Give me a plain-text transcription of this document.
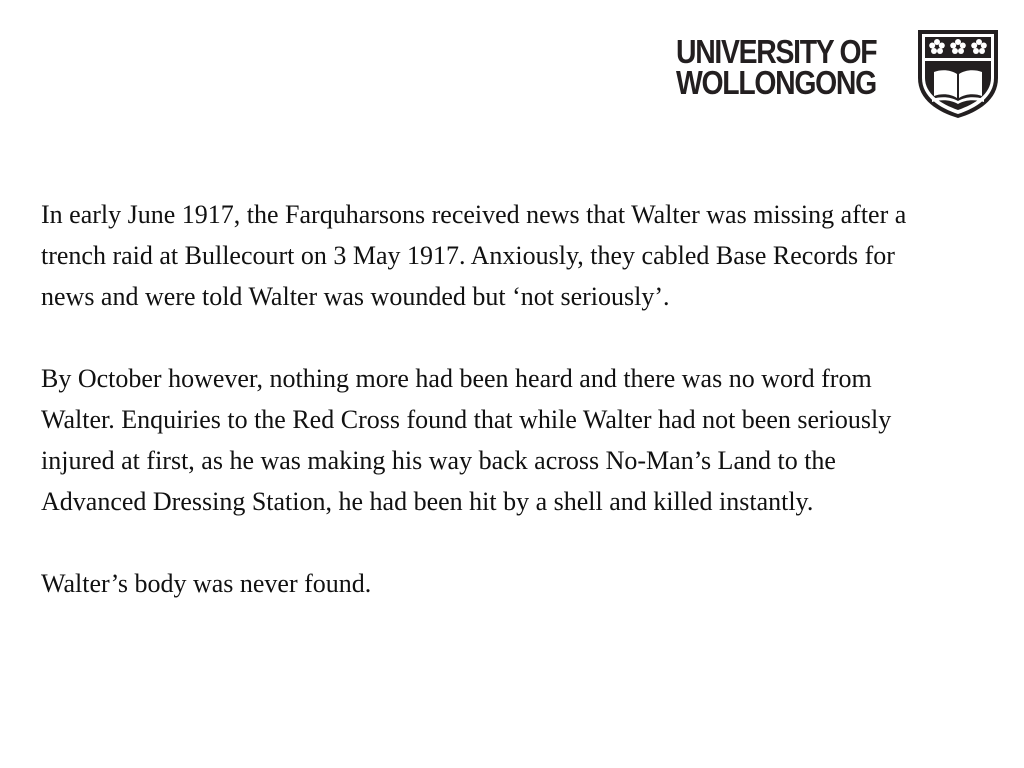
UNIVERSITY OF
WOLLONGONG

In early June 1917, the Farquharsons received news that Walter was missing after a trench raid at Bullecourt on 3 May 1917. Anxiously, they cabled Base Records for news and were told Walter was wounded but ‘not seriously’.

By October however, nothing more had been heard and there was no word from Walter. Enquiries to the Red Cross found that while Walter had not been seriously injured at first, as he was making his way back across No-Man’s Land to the Advanced Dressing Station, he had been hit by a shell and killed instantly.

Walter’s body was never found.
